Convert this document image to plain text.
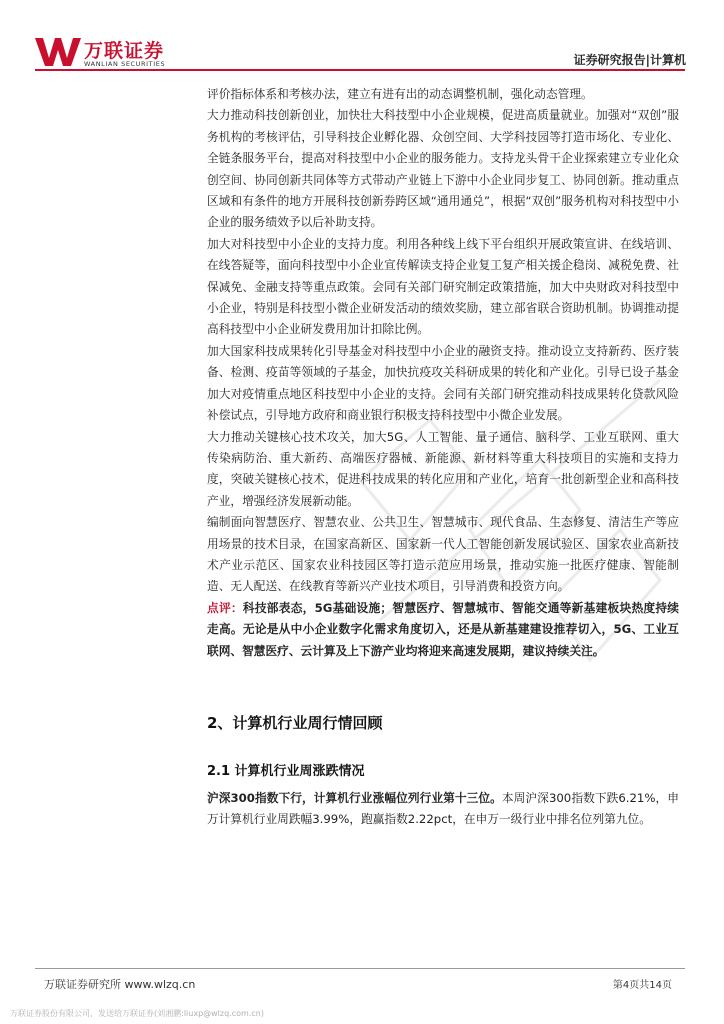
万联证券
WANLIAN SECURITIES	证券研究报告|计算机

评价指标体系和考核办法，建立有进有出的动态调整机制，强化动态管理。

大力推动科技创新创业，加快壮大科技型中小企业规模，促进高质量就业。加强对“双创”服务机构的考核评估，引导科技企业孵化器、众创空间、大学科技园等打造市场化、专业化、全链条服务平台，提高对科技型中小企业的服务能力。支持龙头骨干企业探索建立专业化众创空间、协同创新共同体等方式带动产业链上下游中小企业同步复工、协同创新。推动重点区域和有条件的地方开展科技创新券跨区域“通用通兑”，根据“双创”服务机构对科技型中小企业的服务绩效予以后补助支持。

加大对科技型中小企业的支持力度。利用各种线上线下平台组织开展政策宣讲、在线培训、在线答疑等，面向科技型中小企业宣传解读支持企业复工复产相关援企稳岗、减税免费、社保减免、金融支持等重点政策。会同有关部门研究制定政策措施，加大中央财政对科技型中小企业，特别是科技型小微企业研发活动的绩效奖励，建立部省联合资助机制。协调推动提高科技型中小企业研发费用加计扣除比例。

加大国家科技成果转化引导基金对科技型中小企业的融资支持。推动设立支持新药、医疗装备、检测、疫苗等领域的子基金，加快抗疫攻关科研成果的转化和产业化。引导已设子基金加大对疫情重点地区科技型中小企业的支持。会同有关部门研究推动科技成果转化贷款风险补偿试点，引导地方政府和商业银行积极支持科技型中小微企业发展。

大力推动关键核心技术攻关，加大5G、人工智能、量子通信、脑科学、工业互联网、重大传染病防治、重大新药、高端医疗器械、新能源、新材料等重大科技项目的实施和支持力度，突破关键核心技术，促进科技成果的转化应用和产业化，培育一批创新型企业和高科技产业，增强经济发展新动能。

编制面向智慧医疗、智慧农业、公共卫生、智慧城市、现代食品、生态修复、清洁生产等应用场景的技术目录，在国家高新区、国家新一代人工智能创新发展试验区、国家农业高新技术产业示范区、国家农业科技园区等打造示范应用场景，推动实施一批医疗健康、智能制造、无人配送、在线教育等新兴产业技术项目，引导消费和投资方向。

点评：科技部表态，5G基础设施；智慧医疗、智慧城市、智能交通等新基建板块热度持续走高。无论是从中小企业数字化需求角度切入，还是从新基建建设推荐切入，5G、工业互联网、智慧医疗、云计算及上下游产业均将迎来高速发展期，建议持续关注。

2、计算机行业周行情回顾
2.1 计算机行业周涨跌情况

沪深300指数下行，计算机行业涨幅位列行业第十三位。本周沪深300指数下跌6.21%，申万计算机行业周跌幅3.99%，跑赢指数2.22pct，在申万一级行业中排名位列第九位。

万联证券研究所 www.wlzq.cn	第4页共14页
万联证券股份有限公司，发送给万联证券(刘湘鹏:liuxp@wlzq.com.cn)
